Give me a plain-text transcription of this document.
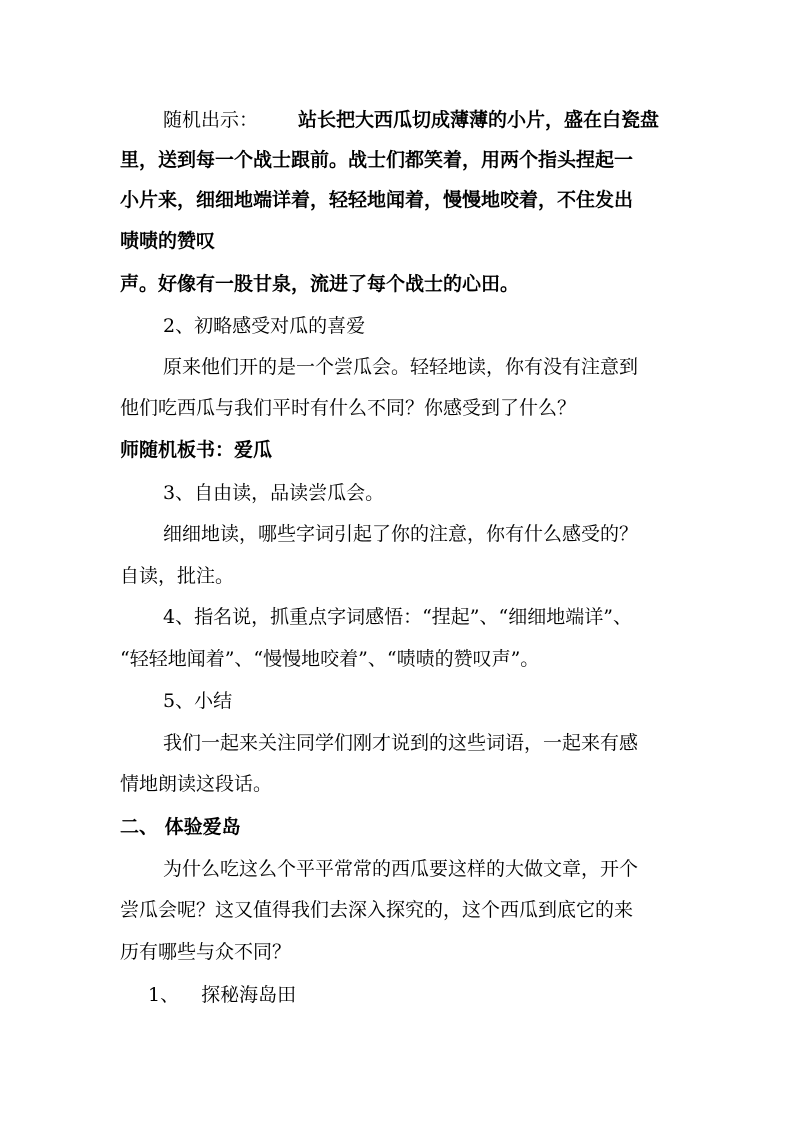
随机出示： 站长把大西瓜切成薄薄的小片，盛在白瓷盘
里，送到每一个战士跟前。战士们都笑着，用两个指头捏起一
小片来，细细地端详着，轻轻地闻着，慢慢地咬着，不住发出
啧啧的赞叹
声。好像有一股甘泉，流进了每个战士的心田。
2、初略感受对瓜的喜爱
原来他们开的是一个尝瓜会。轻轻地读，你有没有注意到
他们吃西瓜与我们平时有什么不同？你感受到了什么？
师随机板书：爱瓜
3、自由读，品读尝瓜会。
细细地读，哪些字词引起了你的注意，你有什么感受的？
自读，批注。
4、指名说，抓重点字词感悟：“捏起”、“细细地端详”、
“轻轻地闻着”、“慢慢地咬着”、“啧啧的赞叹声”。
5、小结
我们一起来关注同学们刚才说到的这些词语，一起来有感
情地朗读这段话。
二、 体验爱岛
为什么吃这么个平平常常的西瓜要这样的大做文章，开个
尝瓜会呢？这又值得我们去深入探究的，这个西瓜到底它的来
历有哪些与众不同？
1、 探秘海岛田
